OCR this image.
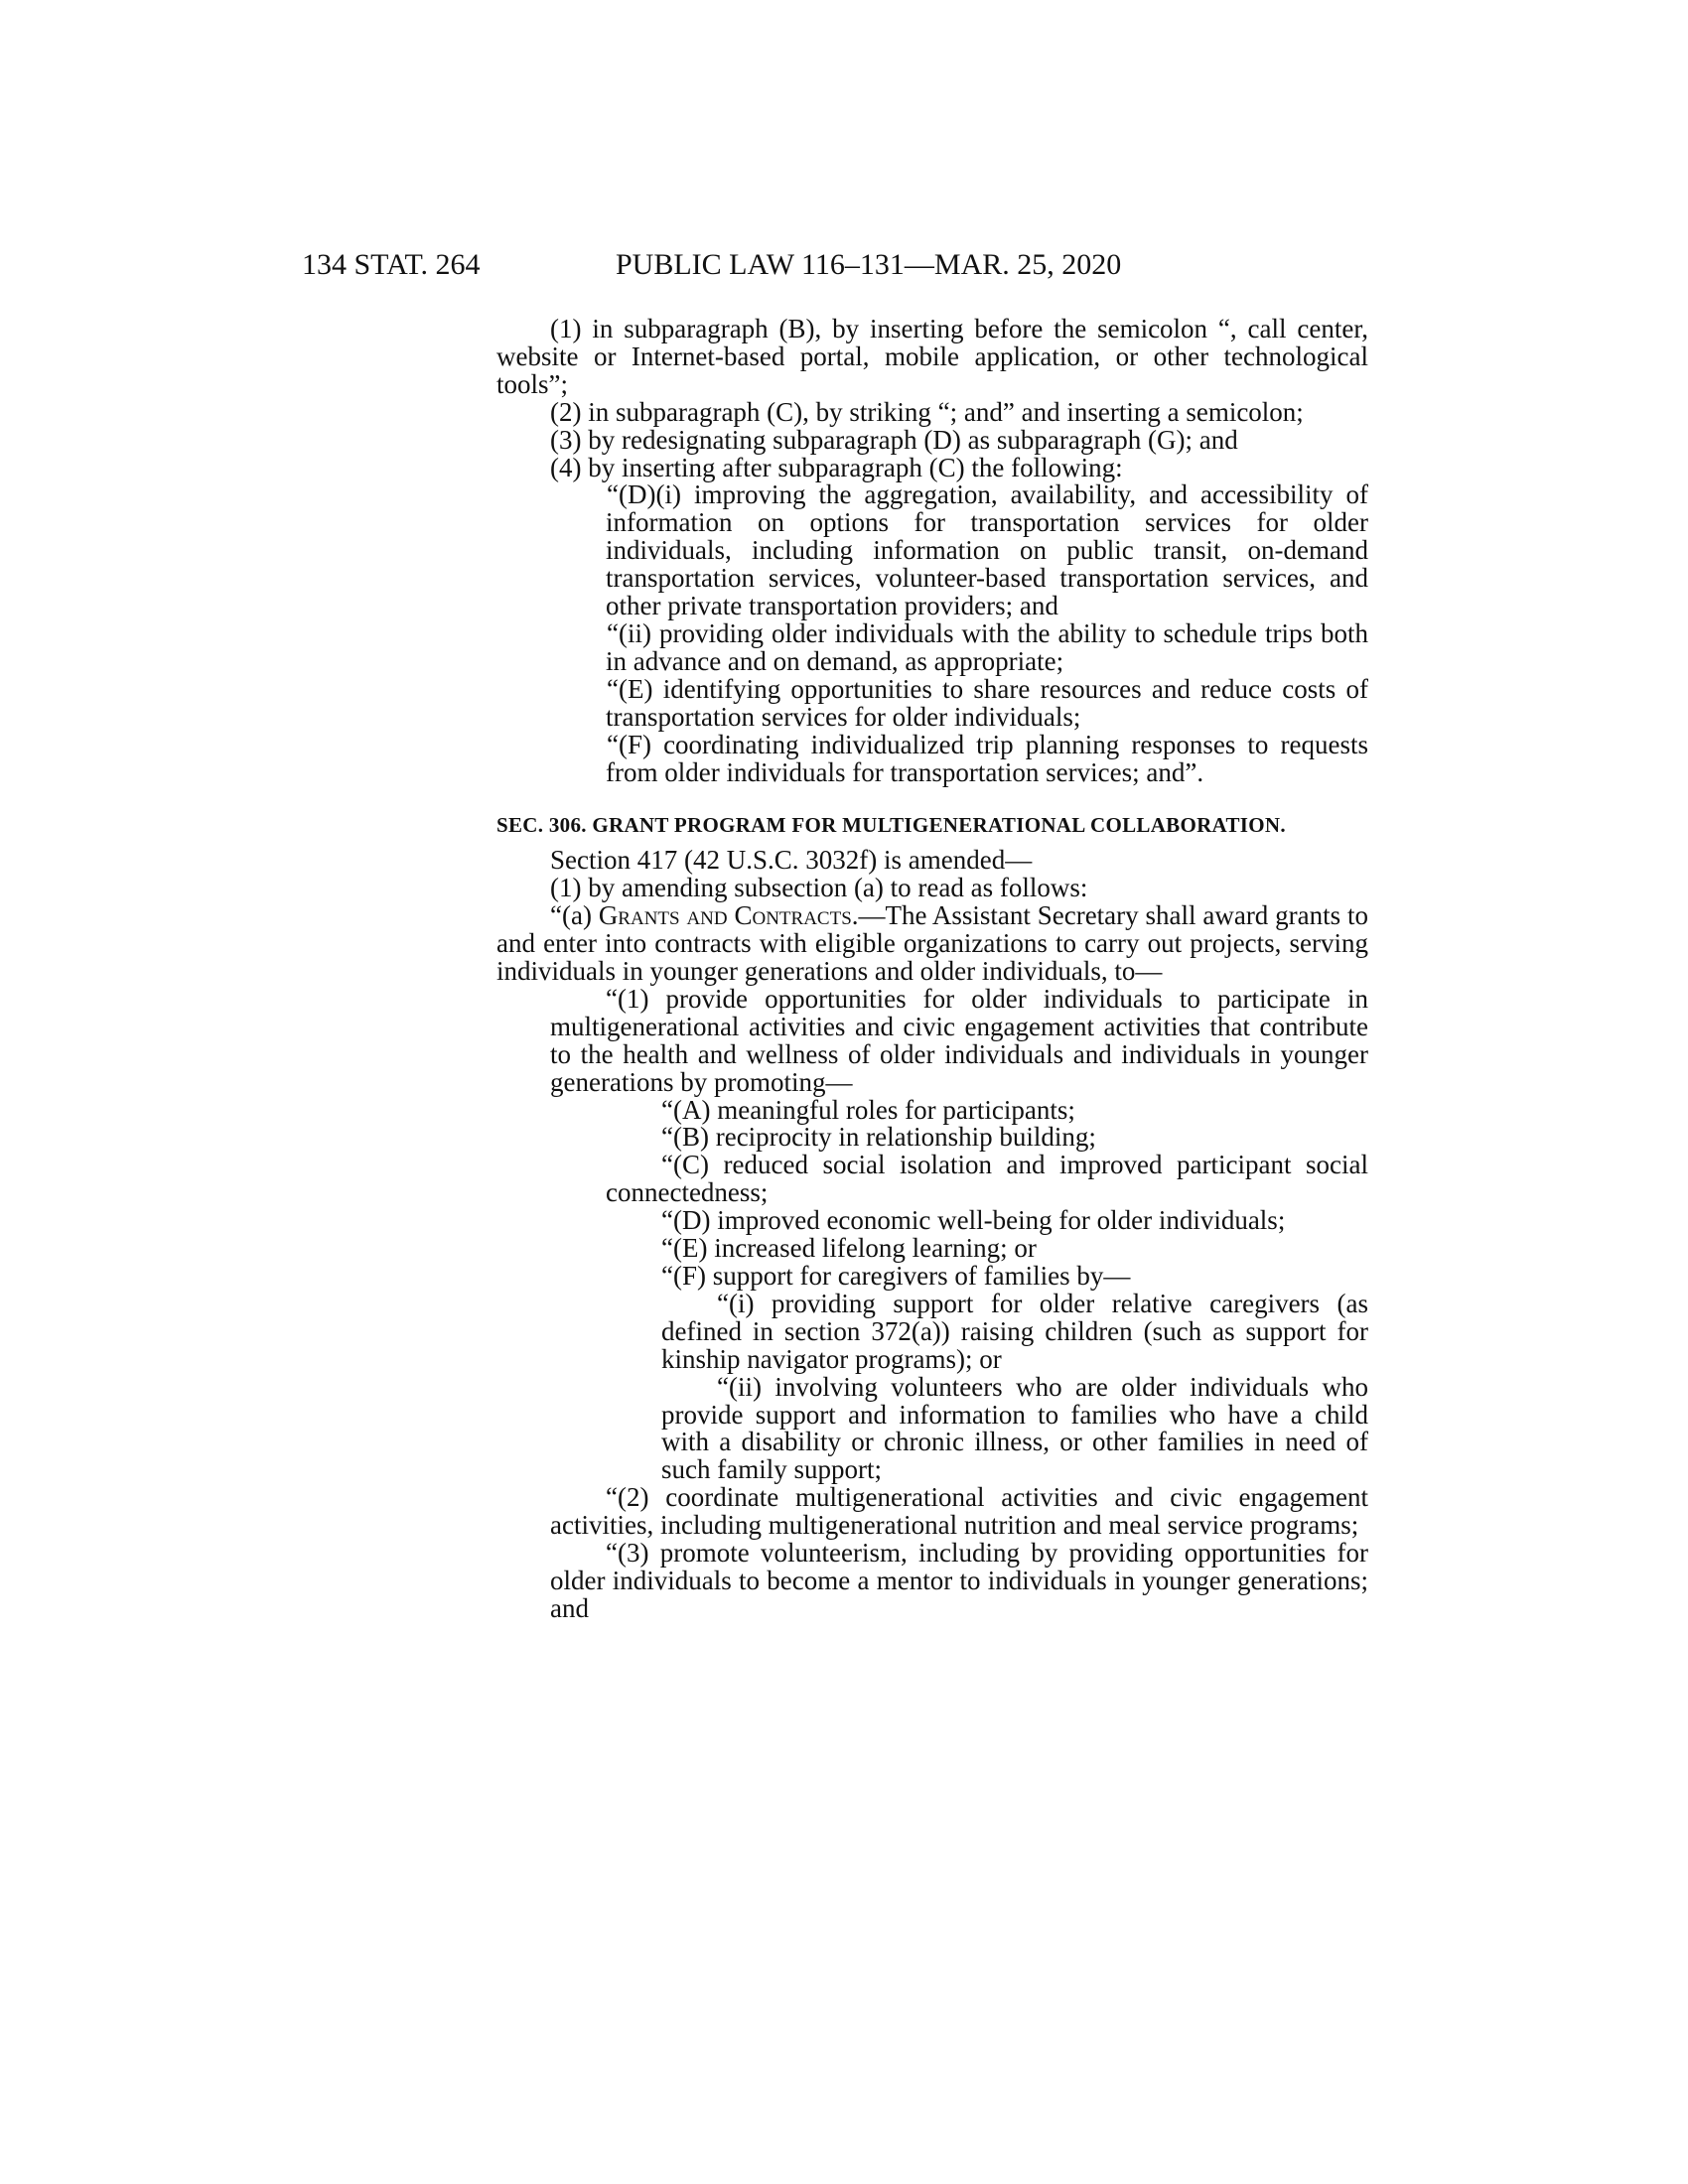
134 STAT. 264	PUBLIC LAW 116–131—MAR. 25, 2020

(1) in subparagraph (B), by inserting before the semicolon “, call center, website or Internet-based portal, mobile application, or other technological tools”;

(2) in subparagraph (C), by striking “; and” and inserting a semicolon;

(3) by redesignating subparagraph (D) as subparagraph (G); and

(4) by inserting after subparagraph (C) the following:

“(D)(i) improving the aggregation, availability, and accessibility of information on options for transportation services for older individuals, including information on public transit, on-demand transportation services, volunteer-based transportation services, and other private transportation providers; and

“(ii) providing older individuals with the ability to schedule trips both in advance and on demand, as appropriate;

“(E) identifying opportunities to share resources and reduce costs of transportation services for older individuals;

“(F) coordinating individualized trip planning responses to requests from older individuals for transportation services; and”.

SEC. 306. GRANT PROGRAM FOR MULTIGENERATIONAL COLLABORATION.

Section 417 (42 U.S.C. 3032f) is amended—

(1) by amending subsection (a) to read as follows:

“(a) Grants and Contracts.—The Assistant Secretary shall award grants to and enter into contracts with eligible organizations to carry out projects, serving individuals in younger generations and older individuals, to—

“(1) provide opportunities for older individuals to participate in multigenerational activities and civic engagement activities that contribute to the health and wellness of older individuals and individuals in younger generations by promoting—

“(A) meaningful roles for participants;

“(B) reciprocity in relationship building;

“(C) reduced social isolation and improved participant social connectedness;

“(D) improved economic well-being for older individuals;

“(E) increased lifelong learning; or

“(F) support for caregivers of families by—

“(i) providing support for older relative caregivers (as defined in section 372(a)) raising children (such as support for kinship navigator programs); or

“(ii) involving volunteers who are older individuals who provide support and information to families who have a child with a disability or chronic illness, or other families in need of such family support;

“(2) coordinate multigenerational activities and civic engagement activities, including multigenerational nutrition and meal service programs;

“(3) promote volunteerism, including by providing opportunities for older individuals to become a mentor to individuals in younger generations; and
